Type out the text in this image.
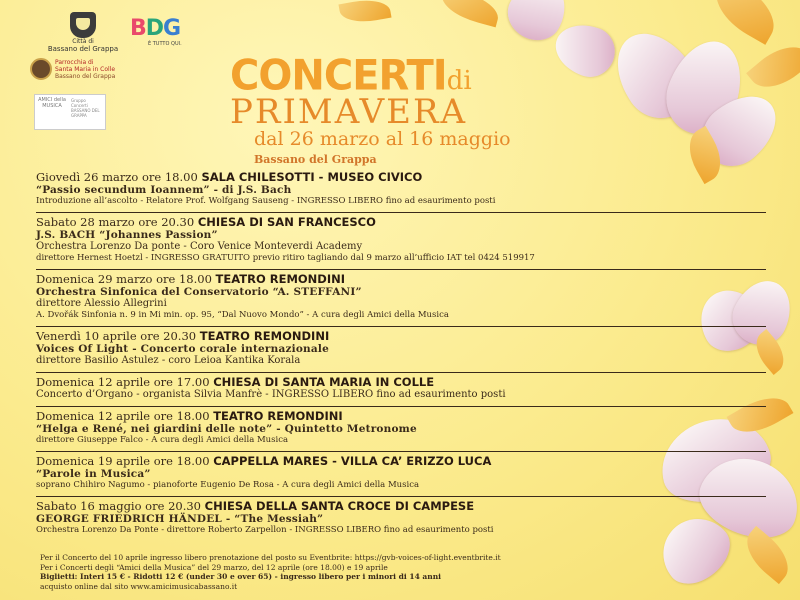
Città di
Bassano del Grappa
BDG
È TUTTO QUI.
Parrocchia di
Santa Maria in Colle
Bassano del Grappa
AMICI della MUSICA
Gruppo Concerti BASSANO DEL GRAPPA
CONCERTIdi
PRIMAVERA
dal 26 marzo al 16 maggio
Bassano del Grappa
Giovedì 26 marzo ore 18.00 SALA CHILESOTTI - MUSEO CIVICO
“Passio secundum Ioannem” - di J.S. Bach
Introduzione all’ascolto - Relatore Prof. Wolfgang Sauseng - INGRESSO LIBERO fino ad esaurimento posti
Sabato 28 marzo ore 20.30 CHIESA DI SAN FRANCESCO
J.S. BACH “Johannes Passion”
Orchestra Lorenzo Da ponte - Coro Venice Monteverdi Academy
direttore Hernest Hoetzl - INGRESSO GRATUITO previo ritiro tagliando dal 9 marzo all’ufficio IAT tel 0424 519917
Domenica 29 marzo ore 18.00 TEATRO REMONDINI
Orchestra Sinfonica del Conservatorio “A. STEFFANI”
direttore Alessio Allegrini
A. Dvořák Sinfonia n. 9 in Mi min. op. 95, “Dal Nuovo Mondo” - A cura degli Amici della Musica
Venerdì 10 aprile ore 20.30 TEATRO REMONDINI
Voices Of Light - Concerto corale internazionale
direttore Basilio Astulez - coro Leioa Kantika Korala
Domenica 12 aprile ore 17.00 CHIESA DI SANTA MARIA IN COLLE
Concerto d’Organo - organista Silvia Manfrè - INGRESSO LIBERO fino ad esaurimento posti
Domenica 12 aprile ore 18.00 TEATRO REMONDINI
“Helga e René, nei giardini delle note” - Quintetto Metronome
direttore Giuseppe Falco - A cura degli Amici della Musica
Domenica 19 aprile ore 18.00 CAPPELLA MARES - VILLA CA’ ERIZZO LUCA
“Parole in Musica”
soprano Chihiro Nagumo - pianoforte Eugenio De Rosa - A cura degli Amici della Musica
Sabato 16 maggio ore 20.30 CHIESA DELLA SANTA CROCE DI CAMPESE
GEORGE FRIEDRICH HÄNDEL - “The Messiah”
Orchestra Lorenzo Da Ponte - direttore Roberto Zarpellon - INGRESSO LIBERO fino ad esaurimento posti
Per il Concerto del 10 aprile ingresso libero prenotazione del posto su Eventbrite: https://gvb-voices-of-light.eventbrite.it
Per i Concerti degli “Amici della Musica” del 29 marzo, del 12 aprile (ore 18.00) e 19 aprile
Biglietti: Interi 15 € - Ridotti 12 € (under 30 e over 65) - ingresso libero per i minori di 14 anni
acquisto online dal sito www.amicimusicabassano.it
